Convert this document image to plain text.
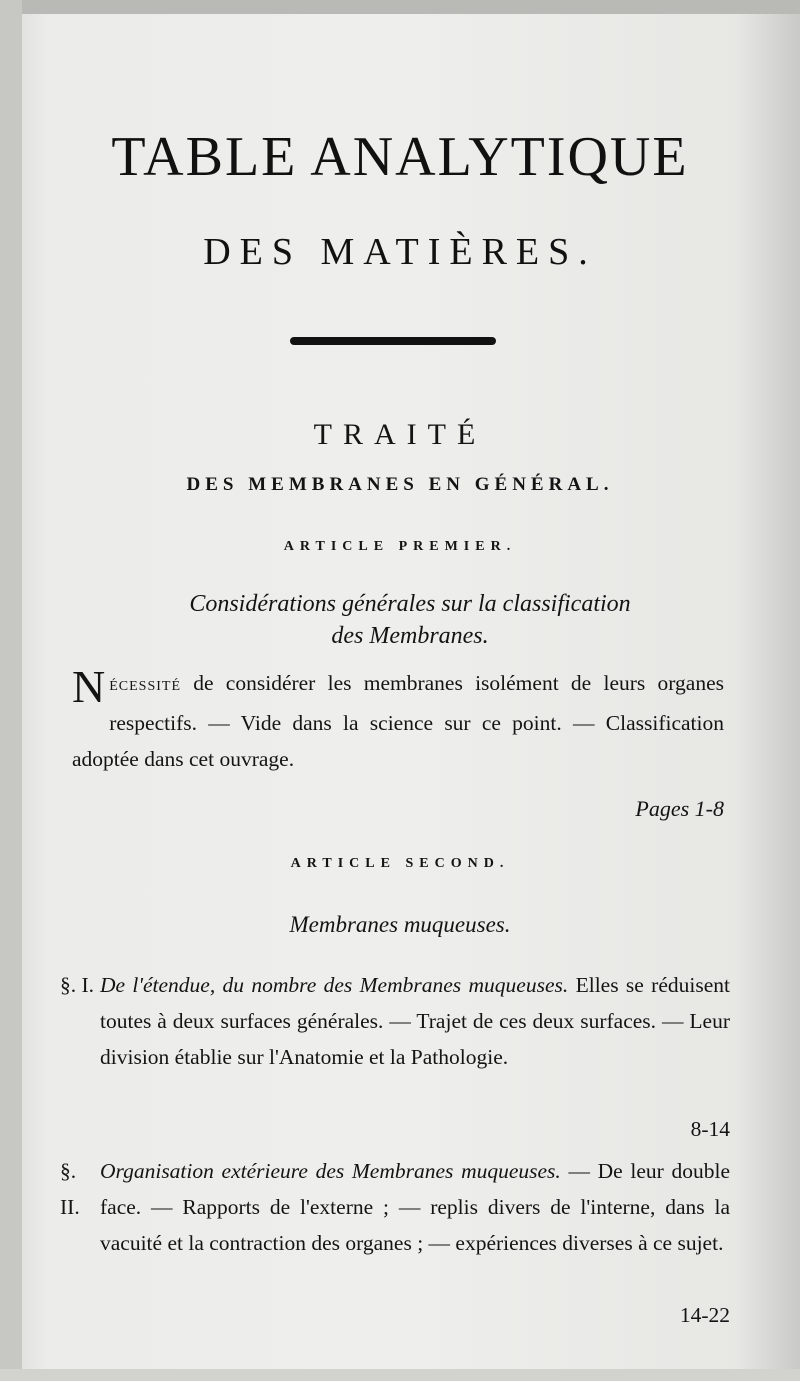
TABLE ANALYTIQUE
DES MATIÈRES.
TRAITÉ
DES MEMBRANES EN GÉNÉRAL.
ARTICLE PREMIER.
Considérations générales sur la classification
des Membranes.
NÉCESSITÉ de considérer les membranes isolément de leurs organes respectifs. — Vide dans la science sur ce point. — Classification adoptée dans cet ouvrage.
Pages 1-8
ARTICLE SECOND.
Membranes muqueuses.
§. I. De l'étendue, du nombre des Membranes muqueuses. Elles se réduisent toutes à deux surfaces générales. — Trajet de ces deux surfaces. — Leur division établie sur l'Anatomie et la Pathologie.
8-14
§. II.
Organisation extérieure des Membranes muqueuses. — De leur double face. — Rapports de l'externe ; — replis divers de l'interne, dans la vacuité et la contraction des organes ; — expériences diverses à ce sujet.
14-22
